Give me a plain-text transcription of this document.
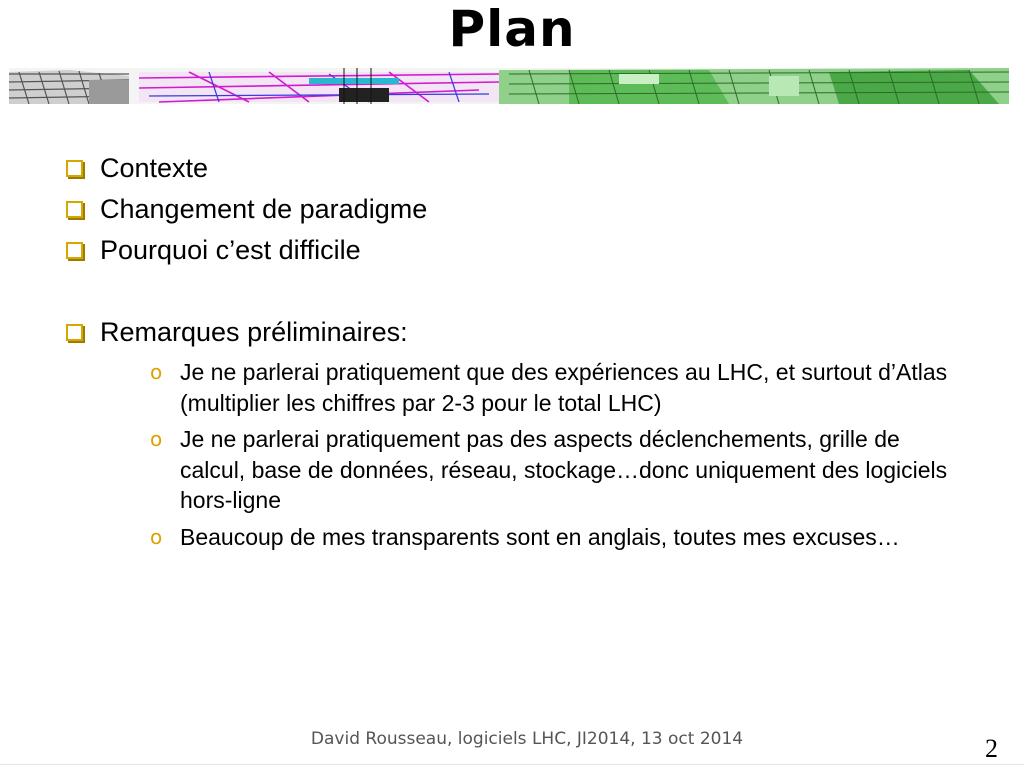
Plan
Contexte
Changement de paradigme
Pourquoi c’est difficile
Remarques préliminaires:
o Je ne parlerai pratiquement que des expériences au LHC, et surtout d’Atlas (multiplier les chiffres par 2-3 pour le total LHC)
o Je ne parlerai pratiquement pas des aspects déclenchements, grille de calcul, base de données, réseau, stockage…donc uniquement des logiciels hors-ligne
o Beaucoup de mes transparents sont en anglais, toutes mes excuses…
David Rousseau, logiciels LHC, JI2014, 13 oct 2014	2
